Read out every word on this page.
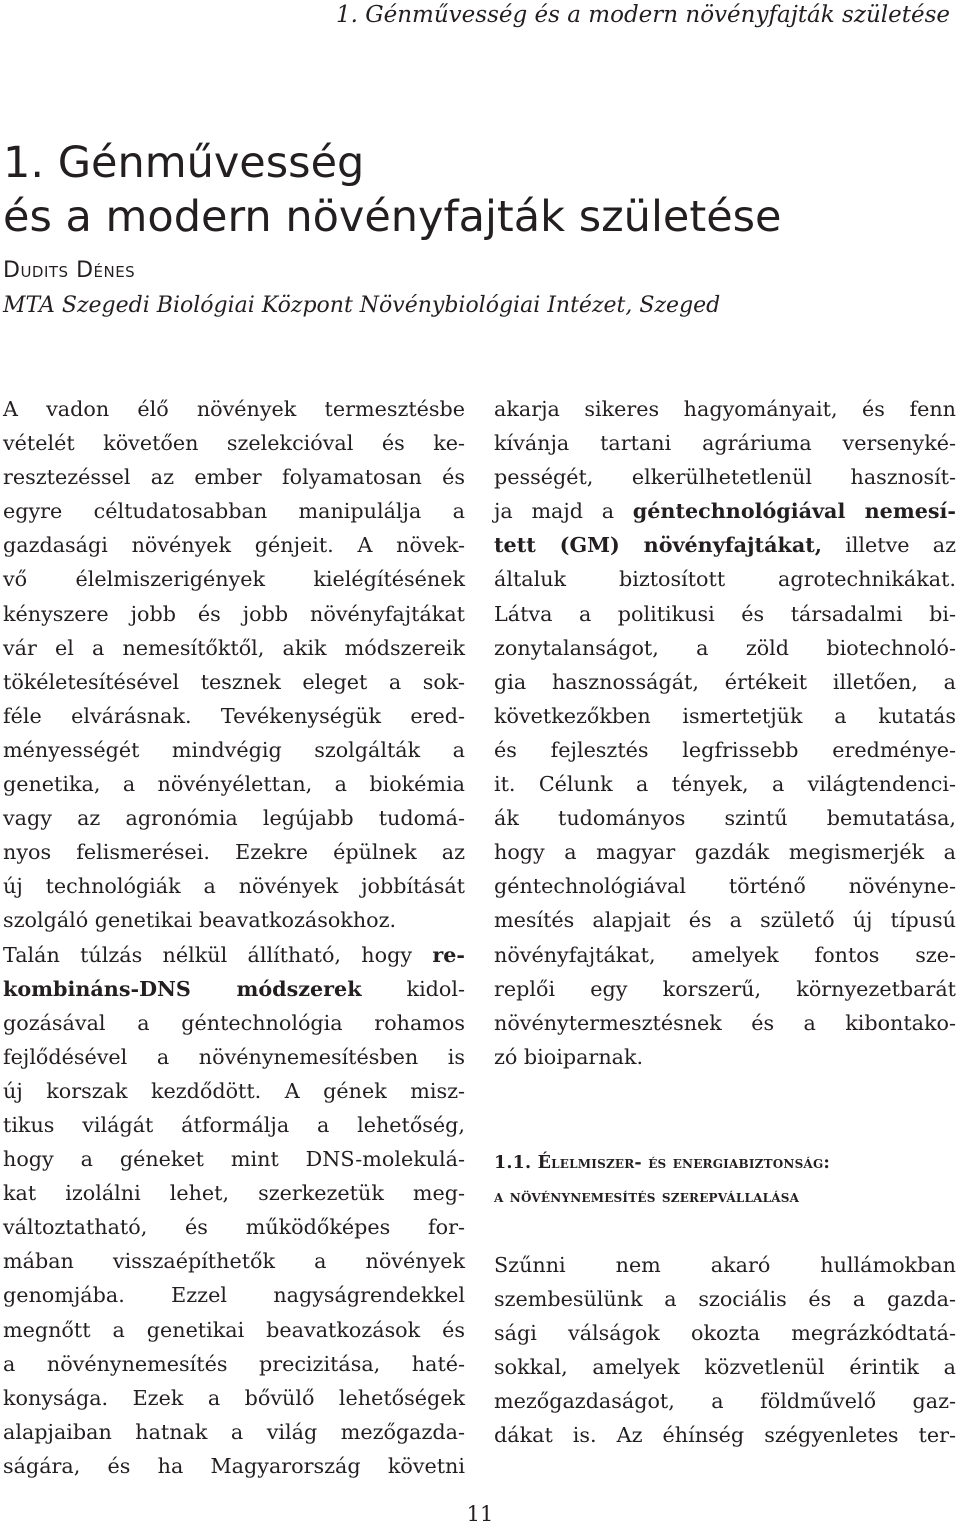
1. Génművesség és a modern növényfajták születése
1. Génművesség
és a modern növényfajták születése
Dudits Dénes
MTA Szegedi Biológiai Központ Növénybiológiai Intézet, Szeged
A vadon élő növények termesztésbe
vételét követően szelekcióval és ke-
resztezéssel az ember folyamatosan és
egyre céltudatosabban manipulálja a
gazdasági növények génjeit. A növek-
vő élelmiszerigények kielégítésének
kényszere jobb és jobb növényfajtákat
vár el a nemesítőktől, akik módszereik
tökéletesítésével tesznek eleget a sok-
féle elvárásnak. Tevékenységük ered-
ményességét mindvégig szolgálták a
genetika, a növényélettan, a biokémia
vagy az agronómia legújabb tudomá-
nyos felismerései. Ezekre épülnek az
új technológiák a növények jobbítását
szolgáló genetikai beavatkozásokhoz.
Talán túlzás nélkül állítható, hogy re-
kombináns-DNS módszerek kidol-
gozásával a géntechnológia rohamos
fejlődésével a növénynemesítésben is
új korszak kezdődött. A gének misz-
tikus világát átformálja a lehetőség,
hogy a géneket mint DNS-molekulá-
kat izolálni lehet, szerkezetük meg-
változtatható, és működőképes for-
mában visszaépíthetők a növények
genomjába. Ezzel nagyságrendekkel
megnőtt a genetikai beavatkozások és
a növénynemesítés precizitása, haté-
konysága. Ezek a bővülő lehetőségek
alapjaiban hatnak a világ mezőgazda-
ságára, és ha Magyarország követni
akarja sikeres hagyományait, és fenn
kívánja tartani agráriuma versenyké-
pességét, elkerülhetetlenül hasznosít-
ja majd a géntechnológiával nemesí-
tett (GM) növényfajtákat, illetve az
általuk biztosított agrotechnikákat.
Látva a politikusi és társadalmi bi-
zonytalanságot, a zöld biotechnoló-
gia hasznosságát, értékeit illetően, a
következőkben ismertetjük a kutatás
és fejlesztés legfrissebb eredménye-
it. Célunk a tények, a világtendenci-
ák tudományos szintű bemutatása,
hogy a magyar gazdák megismerjék a
géntechnológiával történő növényne-
mesítés alapjait és a születő új típusú
növényfajtákat, amelyek fontos sze-
replői egy korszerű, környezetbarát
növénytermesztésnek és a kibontako-
zó bioiparnak.
1.1. Élelmiszer- és energiabiztonság:
a növénynemesítés szerepvállalása
Szűnni nem akaró hullámokban
szembesülünk a szociális és a gazda-
sági válságok okozta megrázkódtatá-
sokkal, amelyek közvetlenül érintik a
mezőgazdaságot, a földművelő gaz-
dákat is. Az éhínség szégyenletes ter-
11
